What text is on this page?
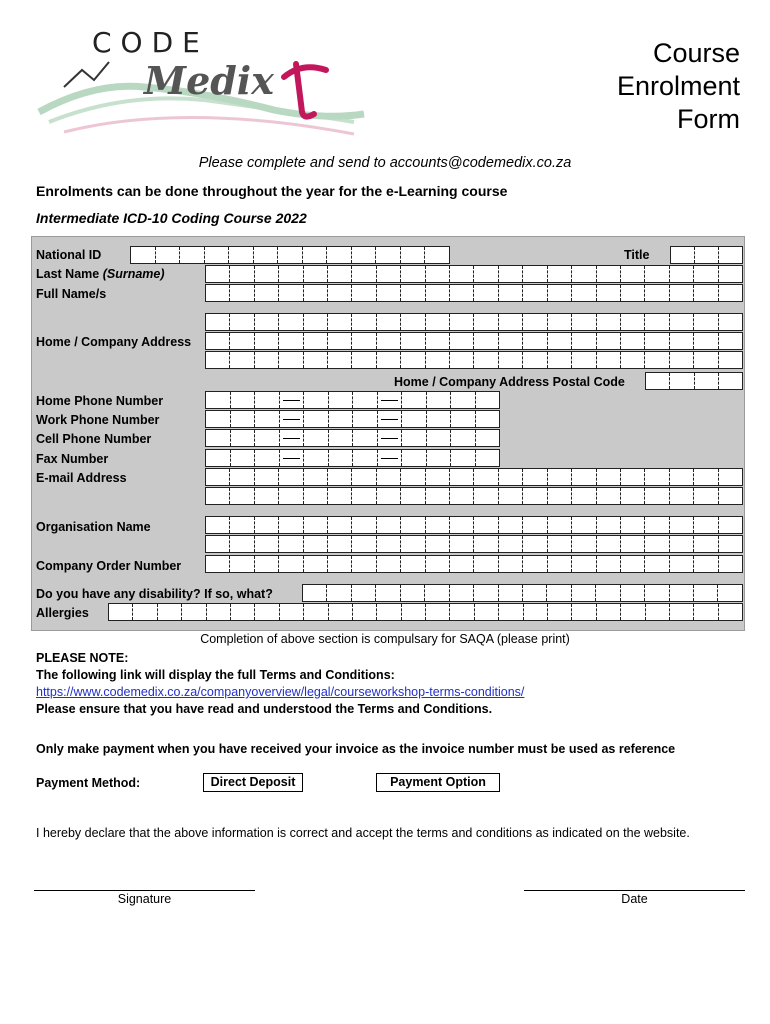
CODE
Medix
Course
Enrolment
Form
Please complete and send to accounts@codemedix.co.za
Enrolments can be done throughout the year for the e-Learning course
Intermediate ICD-10 Coding Course 2022
National ID	Title
Last Name (Surname)
Full Name/s
Home / Company Address
Home / Company Address Postal Code
Home Phone Number
Work Phone Number
Cell Phone Number
Fax Number
E-mail Address
Organisation Name
Company Order Number
Do you have any disability? If so, what?
Allergies
Completion of above section is compulsary for SAQA (please print)
PLEASE NOTE:
The following link will display the full Terms and Conditions:
https://www.codemedix.co.za/companyoverview/legal/courseworkshop-terms-conditions/
Please ensure that you have read and understood the Terms and Conditions.
Only make payment when you have received your invoice as the invoice number must be used as reference
Payment Method:	Direct Deposit	Payment Option
I hereby declare that the above information is correct and accept the terms and conditions as indicated on the website.
Signature	Date
